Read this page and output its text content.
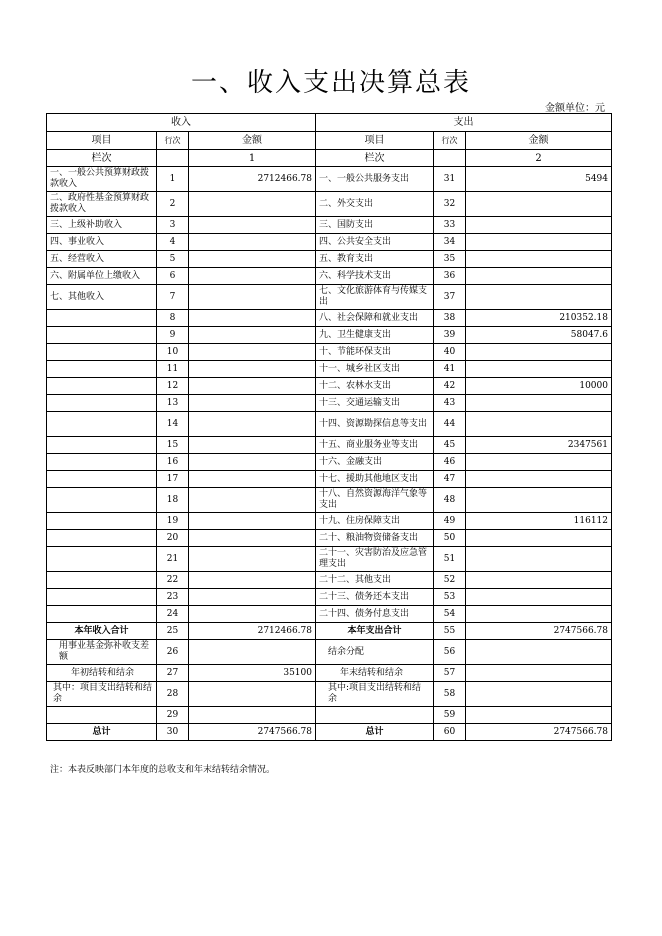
一、收入支出决算总表
金额单位：元
收入			支出		
项目	行次	金额	项目	行次	金额
栏次		1	栏次		2
一、一般公共预算财政拨款收入	1	2712466.78	一、一般公共服务支出	31	5494
二、政府性基金预算财政拨款收入	2		二、外交支出	32	
三、上级补助收入	3		三、国防支出	33	
四、事业收入	4		四、公共安全支出	34	
五、经营收入	5		五、教育支出	35	
六、附属单位上缴收入	6		六、科学技术支出	36	
七、其他收入	7		七、文化旅游体育与传媒支出	37	
	8		八、社会保障和就业支出	38	210352.18
	9		九、卫生健康支出	39	58047.6
	10		十、节能环保支出	40	
	11		十一、城乡社区支出	41	
	12		十二、农林水支出	42	10000
	13		十三、交通运输支出	43	
	14		十四、资源勘探信息等支出	44	
	15		十五、商业服务业等支出	45	2347561
	16		十六、金融支出	46	
	17		十七、援助其他地区支出	47	
	18		十八、自然资源海洋气象等支出	48	
	19		十九、住房保障支出	49	116112
	20		二十、粮油物资储备支出	50	
	21		二十一、灾害防治及应急管理支出	51	
	22		二十二、其他支出	52	
	23		二十三、债务还本支出	53	
	24		二十四、债务付息支出	54	
本年收入合计	25	2712466.78	本年支出合计	55	2747566.78
用事业基金弥补收支差额	26		结余分配	56	
年初结转和结余	27	35100	年末结转和结余	57	
其中：项目支出结转和结余	28		其中:项目支出结转和结余	58	
	29			59	
总计	30	2747566.78	总计	60	2747566.78
注：本表反映部门本年度的总收支和年末结转结余情况。
